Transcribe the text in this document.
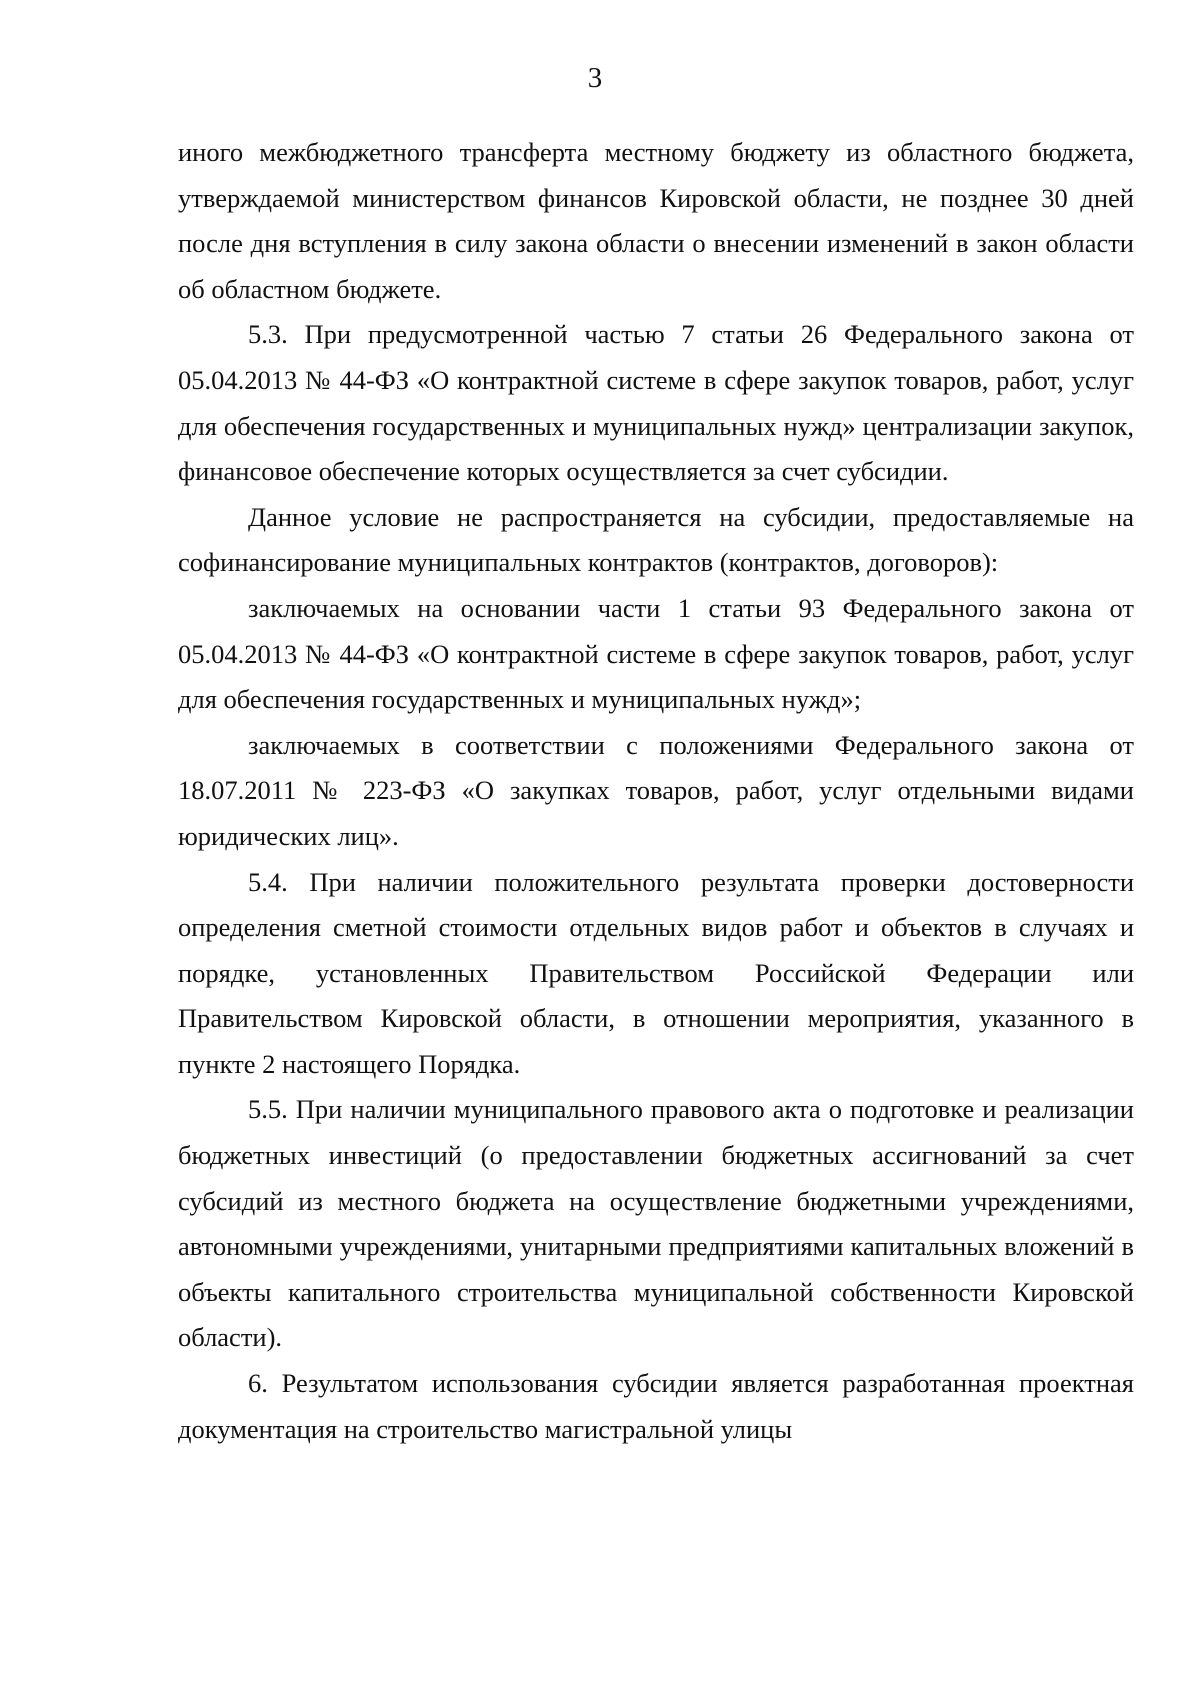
3

иного межбюджетного трансферта местному бюджету из областного бюджета, утверждаемой министерством финансов Кировской области, не позднее 30 дней после дня вступления в силу закона области о внесении изменений в закон области об областном бюджете.

5.3. При предусмотренной частью 7 статьи 26 Федерального закона от 05.04.2013 № 44-ФЗ «О контрактной системе в сфере закупок товаров, работ, услуг для обеспечения государственных и муниципальных нужд» централизации закупок, финансовое обеспечение которых осуществляется за счет субсидии.

Данное условие не распространяется на субсидии, предоставляемые на софинансирование муниципальных контрактов (контрактов, договоров):

заключаемых на основании части 1 статьи 93 Федерального закона от 05.04.2013 № 44-ФЗ «О контрактной системе в сфере закупок товаров, работ, услуг для обеспечения государственных и муниципальных нужд»;

заключаемых в соответствии с положениями Федерального закона от 18.07.2011 № 223-ФЗ «О закупках товаров, работ, услуг отдельными видами юридических лиц».

5.4. При наличии положительного результата проверки достоверности определения сметной стоимости отдельных видов работ и объектов в случаях и порядке, установленных Правительством Российской Федерации или Правительством Кировской области, в отношении мероприятия, указанного в пункте 2 настоящего Порядка.

5.5. При наличии муниципального правового акта о подготовке и реализации бюджетных инвестиций (о предоставлении бюджетных ассигнований за счет субсидий из местного бюджета на осуществление бюджетными учреждениями, автономными учреждениями, унитарными предприятиями капитальных вложений в объекты капитального строительства муниципальной собственности Кировской области).

6. Результатом использования субсидии является разработанная проектная документация на строительство магистральной улицы
